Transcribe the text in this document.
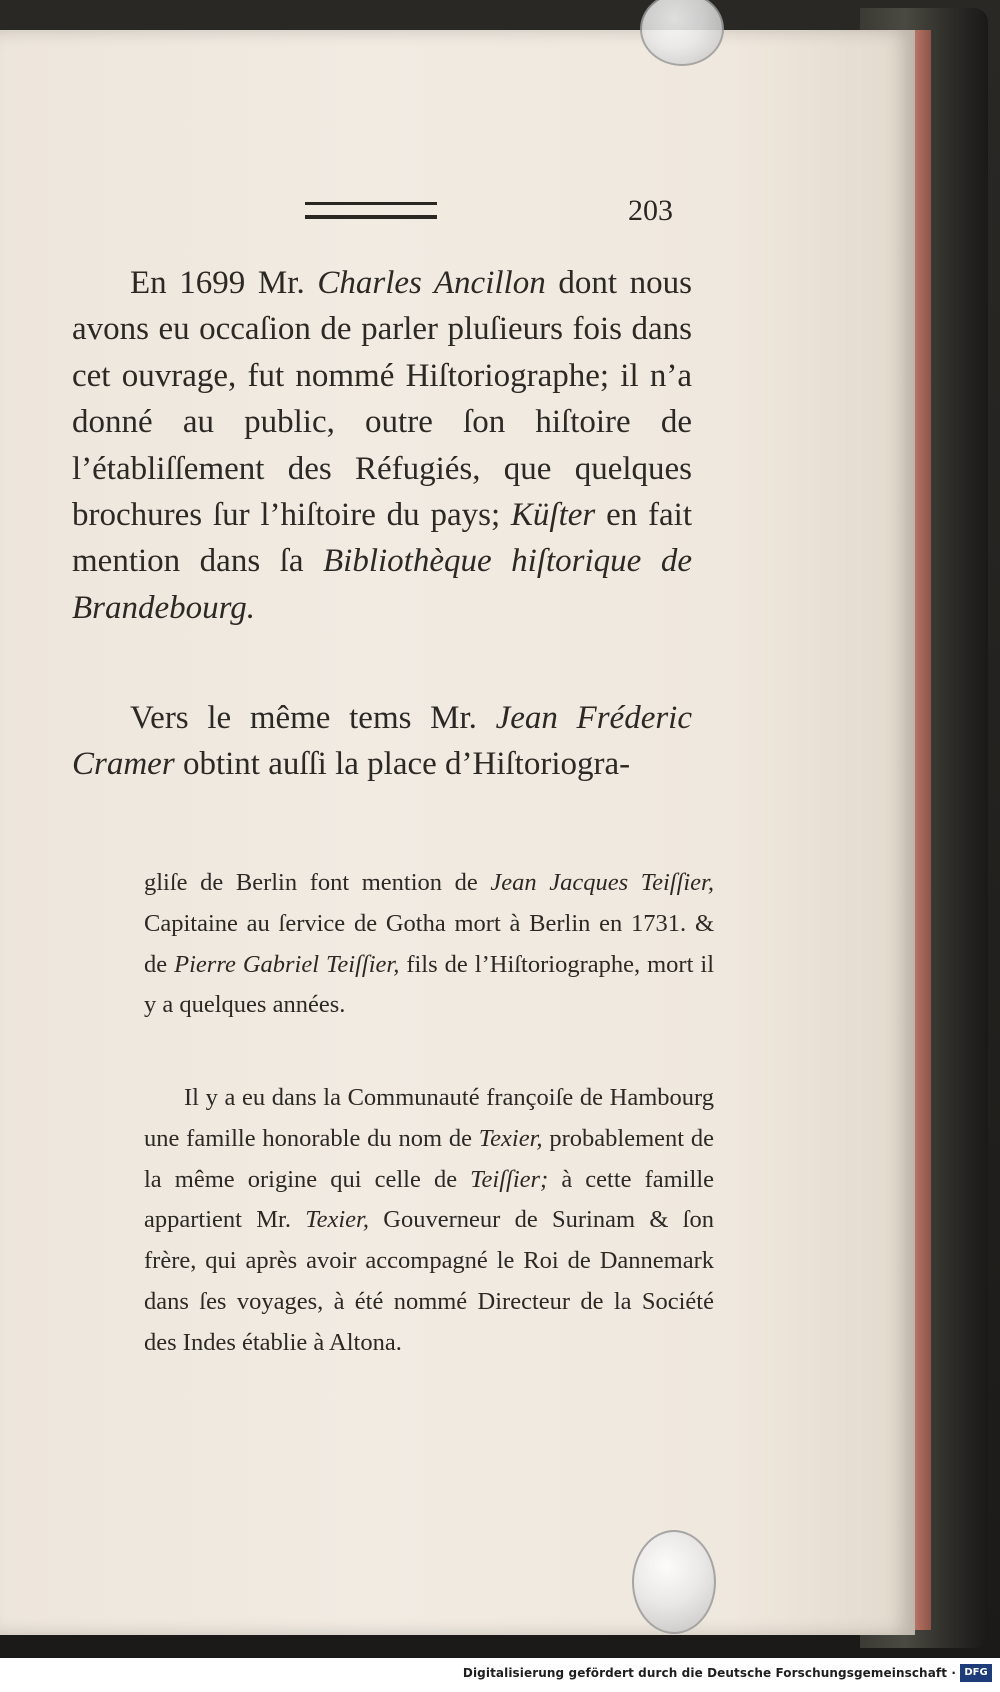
203

En 1699 Mr. Charles Ancillon dont nous avons eu occaſion de parler pluſieurs fois dans cet ouvrage, fut nommé Hiſtoriographe; il n’a donné au public, outre ſon hiſtoire de l’établiſſement des Réfugiés, que quelques brochures ſur l’hiſtoire du pays; Küſter en fait mention dans ſa Bibliothèque hiſtorique de Brandebourg.

Vers le même tems Mr. Jean Fréderic Cramer obtint auſſi la place d’Hiſtoriogra-

gliſe de Berlin font mention de Jean Jacques Teiſſier, Capitaine au ſervice de Gotha mort à Berlin en 1731. & de Pierre Gabriel Teiſſier, fils de l’Hiſtoriographe, mort il y a quelques années.

Il y a eu dans la Communauté françoiſe de Hambourg une famille honorable du nom de Texier, probablement de la même origine qui celle de Teiſſier; à cette famille appartient Mr. Texier, Gouverneur de Surinam & ſon frère, qui après avoir accompagné le Roi de Dannemark dans ſes voyages, à été nommé Directeur de la Société des Indes établie à Altona.

Digitalisierung gefördert durch die Deutsche Forschungsgemeinschaft · DFG
